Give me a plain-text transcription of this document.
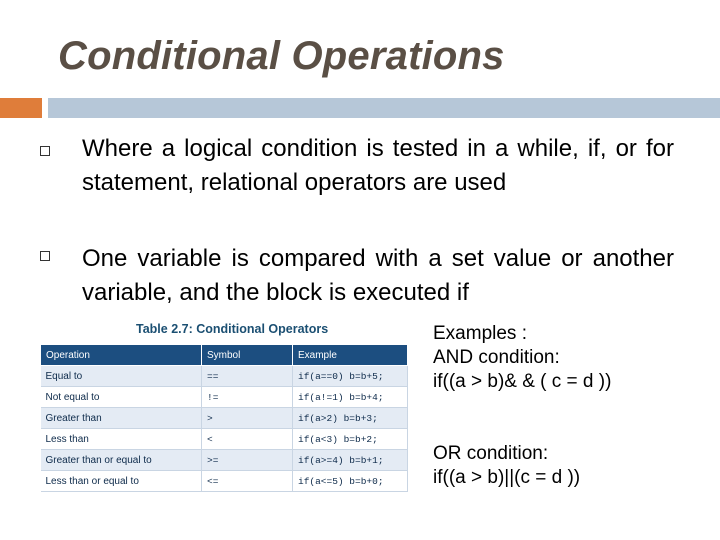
Conditional Operations
Where a logical condition is tested in a while, if, or for statement, relational operators are used
One variable is compared with a set value or another variable, and the block is executed if
Table 2.7: Conditional Operators
Operation	Symbol	Example
Equal to	==	if(a==0) b=b+5;
Not equal to	!=	if(a!=1) b=b+4;
Greater than	>	if(a>2) b=b+3;
Less than	<	if(a<3) b=b+2;
Greater than or equal to	>=	if(a>=4) b=b+1;
Less than or equal to	<=	if(a<=5) b=b+0;
Examples :
AND condition:
if((a > b)& & ( c = d ))
OR condition:
if((a > b)||(c = d ))
